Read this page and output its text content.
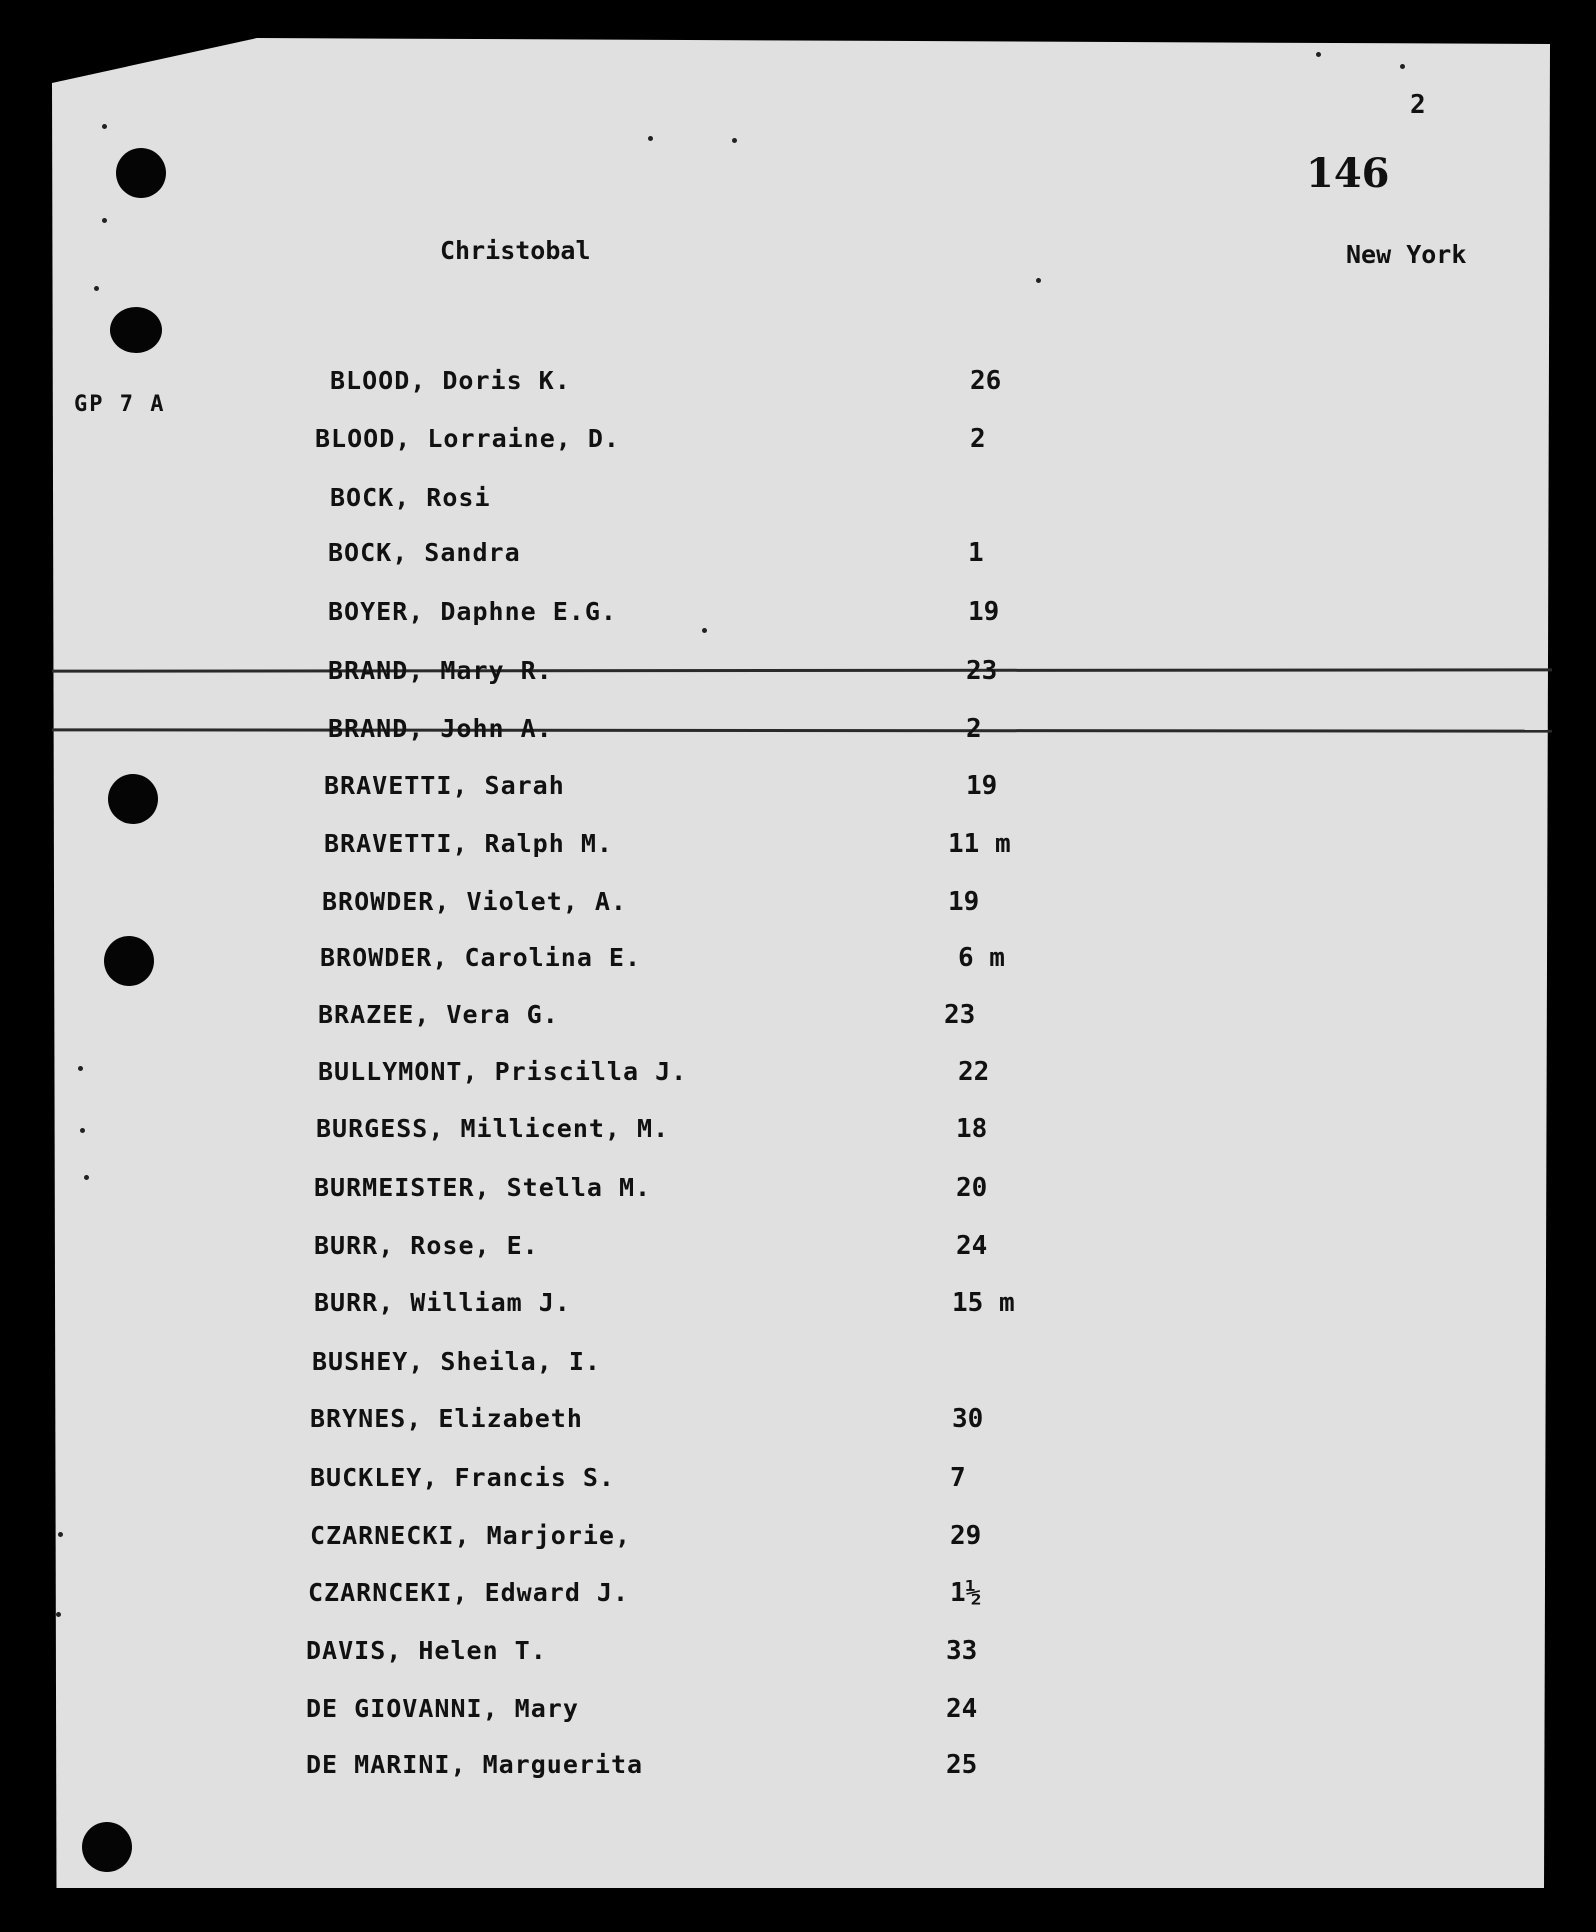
2
146
Christobal	New York
GP 7 A
BLOOD, Doris K.	26
BLOOD, Lorraine, D.	2
BOCK, Rosi
BOCK, Sandra	1
BOYER, Daphne E.G.	19
BRAND, Mary R.	23
BRAND, John A.	2
BRAVETTI, Sarah	19
BRAVETTI, Ralph M.	11 m
BROWDER, Violet, A.	19
BROWDER, Carolina E.	6 m
BRAZEE, Vera G.	23
BULLYMONT, Priscilla J.	22
BURGESS, Millicent, M.	18
BURMEISTER, Stella M.	20
BURR, Rose, E.	24
BURR, William J.	15 m
BUSHEY, Sheila, I.
BRYNES, Elizabeth	30
BUCKLEY, Francis S.	7
CZARNECKI, Marjorie,	29
CZARNCEKI, Edward J.	1½
DAVIS, Helen T.	33
DE GIOVANNI, Mary	24
DE MARINI, Marguerita	25
